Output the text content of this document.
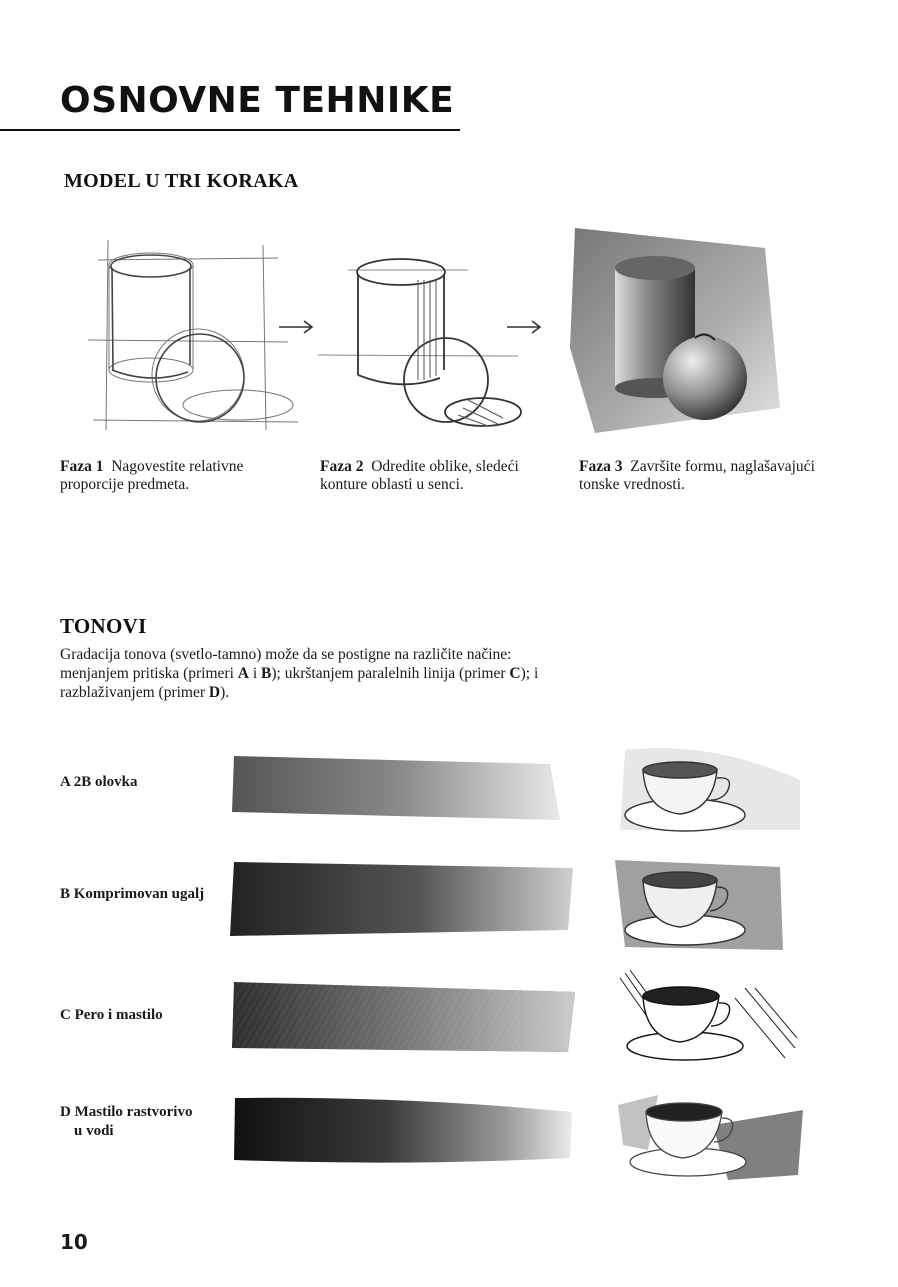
OSNOVNE TEHNIKE
MODEL U TRI KORAKA
Faza 1 Nagovestite relativne proporcije predmeta.
Faza 2 Odredite oblike, sledeći konture oblasti u senci.
Faza 3 Završite formu, naglašavajući tonske vrednosti.
TONOVI

Gradacija tonova (svetlo-tamno) može da se postigne na različite načine: menjanjem pritiska (primeri A i B); ukrštanjem paralelnih linija (primer C); i razblaživanjem (primer D).

A 2B olovka
B Komprimovan ugalj
C Pero i mastilo
D Mastilo rastvorivo
u vodi
10
